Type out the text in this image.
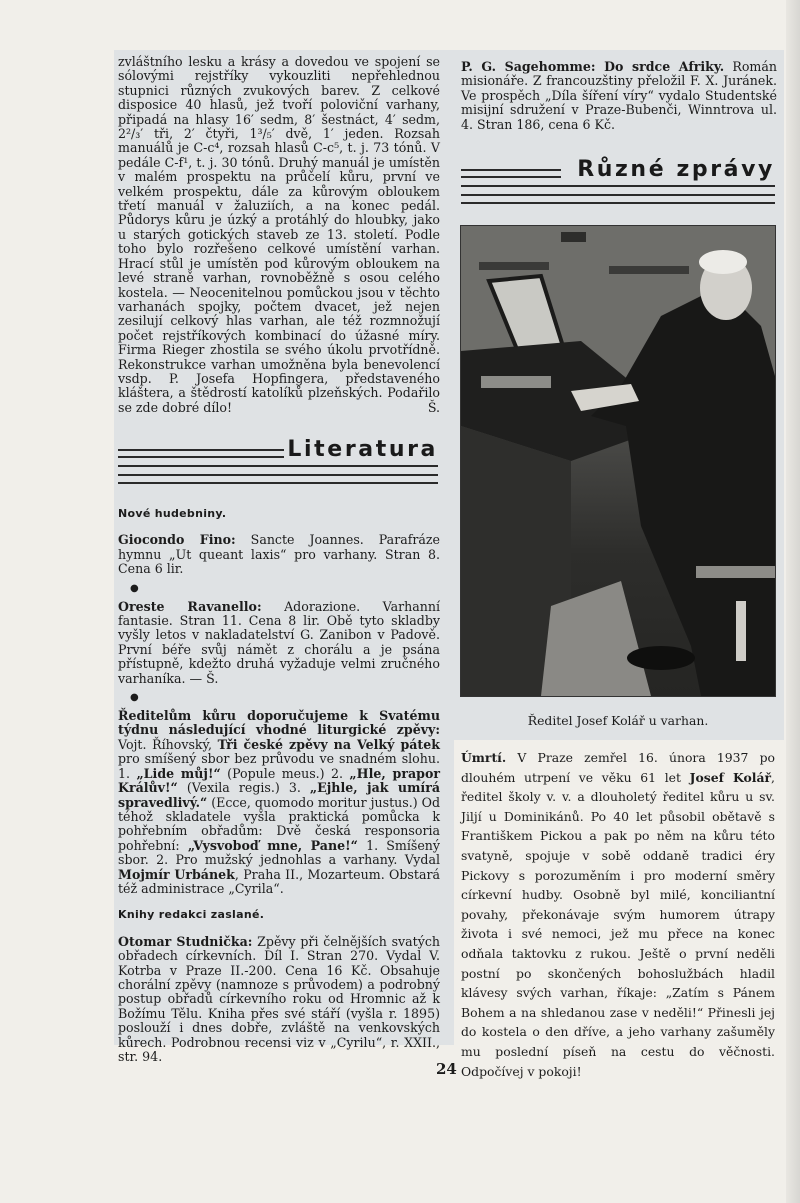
zvláštního lesku a krásy a dovedou ve spojení se sólovými rejstříky vykouzliti nepřehlednou stupnici různých zvukových barev. Z celkové disposice 40 hlasů, jež tvoří poloviční varhany, připadá na hlasy 16′ sedm, 8′ šestnáct, 4′ sedm, 2²/₃′ tři, 2′ čtyři, 1³/₅′ dvě, 1′ jeden. Rozsah manuálů je C-c⁴, rozsah hlasů C-c⁵, t. j. 73 tónů. V pedále C-f¹, t. j. 30 tónů. Druhý manuál je umístěn v malém prospektu na průčelí kůru, první ve velkém prospektu, dále za kůrovým obloukem třetí manuál v žaluziích, a na konec pedál. Půdorys kůru je úzký a protáhlý do hloubky, jako u starých gotických staveb ze 13. století. Podle toho bylo rozřešeno celkové umístění varhan. Hrací stůl je umístěn pod kůrovým obloukem na levé straně varhan, rovnoběžně s osou celého kostela. — Neocenitelnou pomůckou jsou v těchto varhanách spojky, počtem dvacet, jež nejen zesilují celkový hlas varhan, ale též rozmnožují počet rejstříkových kombinací do úžasné míry. Firma Rieger zhostila se svého úkolu prvotřídně. Rekonstrukce varhan umožněna byla benevolencí vsdp. P. Josefa Hopfingera, představeného kláštera, a štědrostí katolíků plzeňských. Podařilo se zde dobré dílo!	Š.

Literatura

Nové hudebniny.

Giocondo Fino: Sancte Joannes. Parafráze hymnu „Ut queant laxis“ pro varhany. Stran 8. Cena 6 lir.

●

Oreste Ravanello: Adorazione. Varhanní fantasie. Stran 11. Cena 8 lir. Obě tyto skladby vyšly letos v nakladatelství G. Zanibon v Padově. První béře svůj námět z chorálu a je psána přístupně, kdežto druhá vyžaduje velmi zručného varhaníka. — Š.

●

Ředitelům kůru doporučujeme k Svatému týdnu následující vhodné liturgické zpěvy: Vojt. Říhovský, Tři české zpěvy na Velký pátek pro smíšený sbor bez průvodu ve snadném slohu. 1. „Lide můj!“ (Popule meus.) 2. „Hle, prapor Králův!“ (Vexila regis.) 3. „Ejhle, jak umírá spravedlivý.“ (Ecce, quomodo moritur justus.) Od téhož skladatele vyšla praktická pomůcka k pohřebním obřadům: Dvě česká responsoria pohřební: „Vysvoboď mne, Pane!“ 1. Smíšený sbor. 2. Pro mužský jednohlas a varhany. Vydal Mojmír Urbánek, Praha II., Mozarteum. Obstará též administrace „Cyrila“.

Knihy redakci zaslané.

Otomar Studnička: Zpěvy při čelnějších svatých obřadech církevních. Díl I. Stran 270. Vydal V. Kotrba v Praze II.-200. Cena 16 Kč. Obsahuje chorální zpěvy (namnoze s průvodem) a podrobný postup obřadů církevního roku od Hromnic až k Božímu Tělu. Kniha přes své stáří (vyšla r. 1895) poslouží i dnes dobře, zvláště na venkovských kůrech. Podrobnou recensi viz v „Cyrilu“, r. XXII., str. 94.

P. G. Sagehomme: Do srdce Afriky. Román misionáře. Z francouzštiny přeložil F. X. Juránek. Ve prospěch „Díla šíření víry“ vydalo Studentské misijní sdružení v Praze-Bubenči, Winntrova ul. 4. Stran 186, cena 6 Kč.

Různé zprávy
Ředitel Josef Kolář u varhan.

Úmrtí. V Praze zemřel 16. února 1937 po dlouhém utrpení ve věku 61 let Josef Kolář, ředitel školy v. v. a dlouholetý ředitel kůru u sv. Jiljí u Dominikánů. Po 40 let působil obětavě s Františkem Pickou a pak po něm na kůru této svatyně, spojuje v sobě oddaně tradici éry Pickovy s porozuměním i pro moderní směry církevní hudby. Osobně byl milé, konciliantní povahy, překonávaje svým humorem útrapy života i své nemoci, jež mu přece na konec odňala taktovku z rukou. Ještě o první neděli postní po skončených bohoslužbách hladil klávesy svých varhan, říkaje: „Zatím s Pánem Bohem a na shledanou zase v neděli!“ Přinesli jej do kostela o den dříve, a jeho varhany zašuměly mu poslední píseň na cestu do věčnosti. Odpočívej v pokoji!

24
